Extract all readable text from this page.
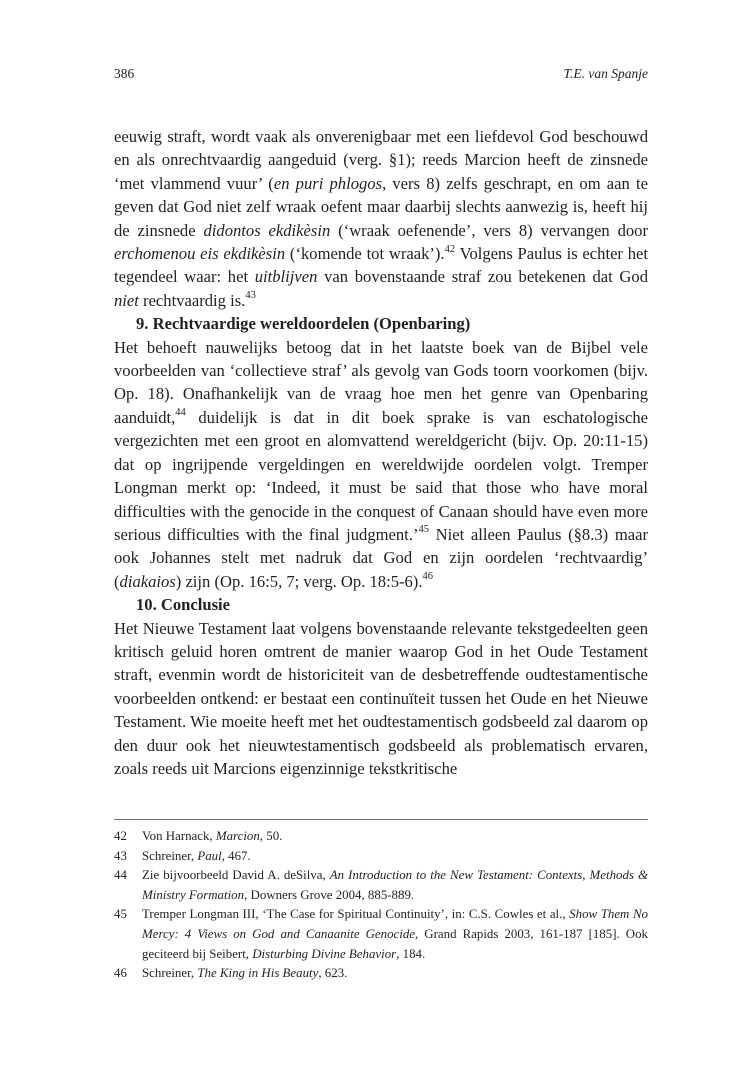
386	T.E. van Spanje

eeuwig straft, wordt vaak als onverenigbaar met een liefdevol God beschouwd en als onrechtvaardig aangeduid (verg. §1); reeds Marcion heeft de zinsnede ‘met vlammend vuur’ (en puri phlogos, vers 8) zelfs geschrapt, en om aan te geven dat God niet zelf wraak oefent maar daarbij slechts aanwezig is, heeft hij de zinsnede didontos ekdikèsin (‘wraak oefenende’, vers 8) vervangen door erchomenou eis ekdikèsin (‘komende tot wraak’).$^{42}$ Volgens Paulus is echter het tegendeel waar: het uitblijven van bovenstaande straf zou betekenen dat God niet rechtvaardig is.$^{43}$

9. Rechtvaardige wereldoordelen (Openbaring)

Het behoeft nauwelijks betoog dat in het laatste boek van de Bijbel vele voorbeelden van ‘collectieve straf’ als gevolg van Gods toorn voorkomen (bijv. Op. 18). Onafhankelijk van de vraag hoe men het genre van Openbaring aanduidt,$^{44}$ duidelijk is dat in dit boek sprake is van eschatologische vergezichten met een groot en alomvattend wereldgericht (bijv. Op. 20:11-15) dat op ingrijpende vergeldingen en wereldwijde oordelen volgt. Tremper Longman merkt op: ‘Indeed, it must be said that those who have moral difficulties with the genocide in the conquest of Canaan should have even more serious difficulties with the final judgment.’$^{45}$ Niet alleen Paulus (§8.3) maar ook Johannes stelt met nadruk dat God en zijn oordelen ‘rechtvaardig’ (diakaios) zijn (Op. 16:5, 7; verg. Op. 18:5-6).$^{46}$

10. Conclusie

Het Nieuwe Testament laat volgens bovenstaande relevante tekstgedeelten geen kritisch geluid horen omtrent de manier waarop God in het Oude Testament straft, evenmin wordt de historiciteit van de desbetreffende oudtestamentische voorbeelden ontkend: er bestaat een continuïteit tussen het Oude en het Nieuwe Testament. Wie moeite heeft met het oudtestamentisch godsbeeld zal daarom op den duur ook het nieuwtestamentisch godsbeeld als problematisch ervaren, zoals reeds uit Marcions eigenzinnige tekstkritische

42 Von Harnack, Marcion, 50.

43 Schreiner, Paul, 467.

44 Zie bijvoorbeeld David A. deSilva, An Introduction to the New Testament: Contexts, Methods & Ministry Formation, Downers Grove 2004, 885-889.

45 Tremper Longman III, ‘The Case for Spiritual Continuity’, in: C.S. Cowles et al., Show Them No Mercy: 4 Views on God and Canaanite Genocide, Grand Rapids 2003, 161-187 [185]. Ook geciteerd bij Seibert, Disturbing Divine Behavior, 184.

46 Schreiner, The King in His Beauty, 623.
